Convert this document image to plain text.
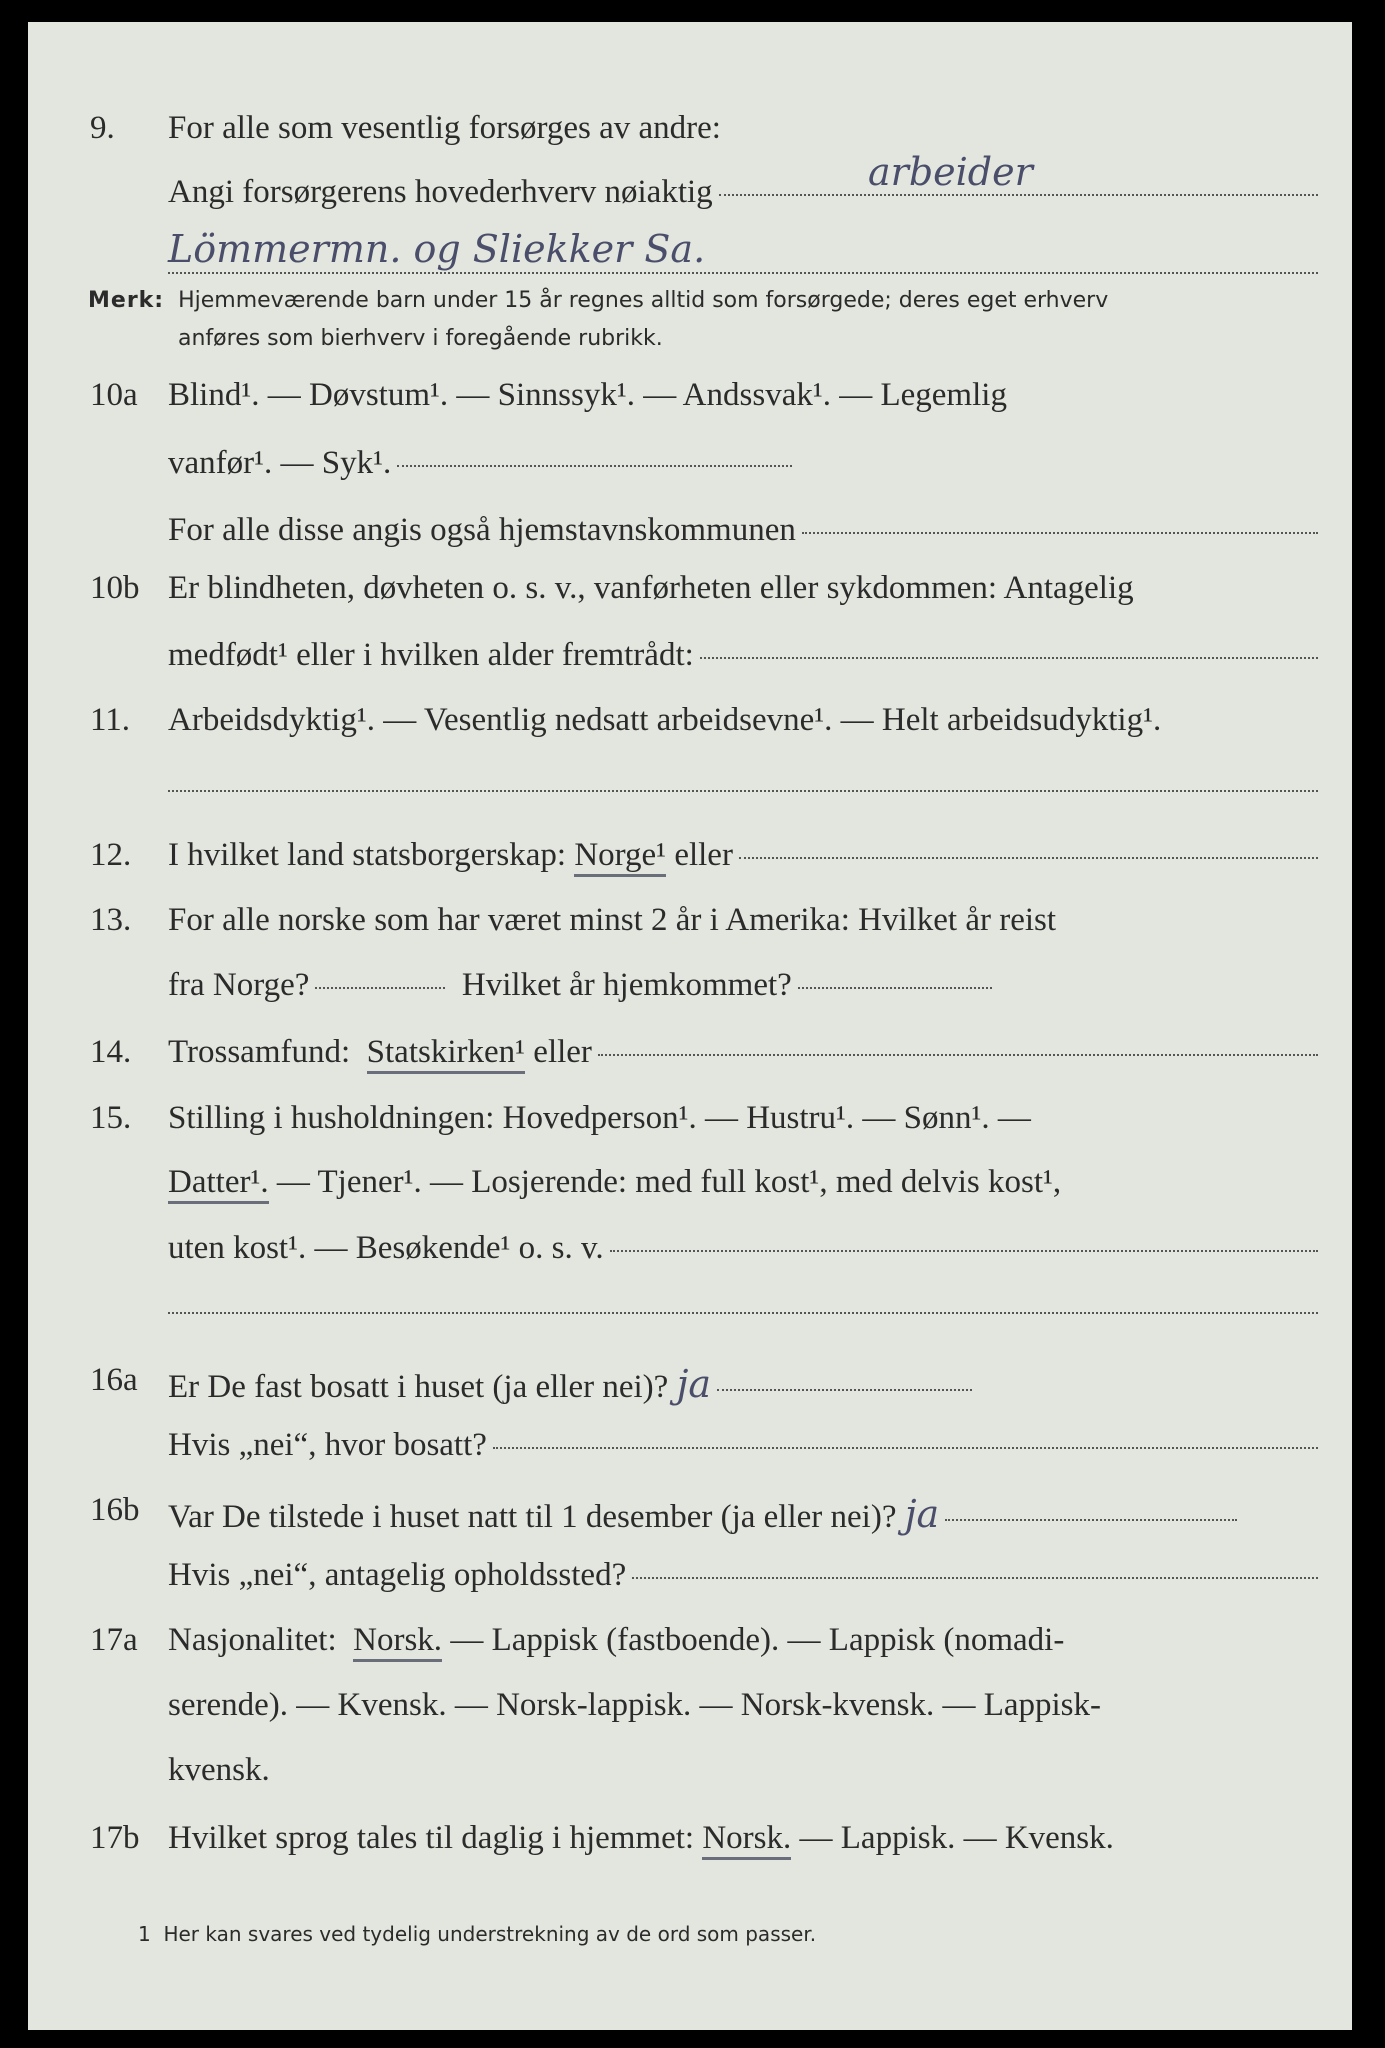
9. For alle som vesentlig forsørges av andre:
arbeider
Angi forsørgerens hovederhverv nøiaktig
Lömmermn. og Sliekker Sa.
Merk: Hjemmeværende barn under 15 år regnes alltid som forsørgede; deres eget erhverv
anføres som bierhverv i foregående rubrikk.
10a Blind¹. — Døvstum¹. — Sinnssyk¹. — Andssvak¹. — Legemlig
vanfør¹. — Syk¹.
For alle disse angis også hjemstavnskommunen
10b Er blindheten, døvheten o. s. v., vanførheten eller sykdommen: Antagelig
medfødt¹ eller i hvilken alder fremtrådt:
11. Arbeidsdyktig¹. — Vesentlig nedsatt arbeidsevne¹. — Helt arbeidsudyktig¹.
12. I hvilket land statsborgerskap:
Norge¹
eller
13. For alle norske som har været minst 2 år i Amerika: Hvilket år reist
fra Norge?
	Hvilket år hjemkommet?
14. Trossamfund:
Statskirken¹
eller
15. Stilling i husholdningen: Hovedperson¹. — Hustru¹. — Sønn¹. —
Datter¹.
— Tjener¹. — Losjerende: med full kost¹, med delvis kost¹,
uten kost¹. — Besøkende¹ o. s. v.
16a Er De fast bosatt i huset (ja eller nei)?
ja
Hvis „nei“, hvor bosatt?
16b Var De tilstede i huset natt til 1 desember (ja eller nei)?
ja
Hvis „nei“, antagelig opholdssted?
17a Nasjonalitet:
Norsk.
— Lappisk (fastboende). — Lappisk (nomadi-
serende). — Kvensk. — Norsk-lappisk. — Norsk-kvensk. — Lappisk-
kvensk.
17b Hvilket sprog tales til daglig i hjemmet:
Norsk.
— Lappisk. — Kvensk.
1 Her kan svares ved tydelig understrekning av de ord som passer.
